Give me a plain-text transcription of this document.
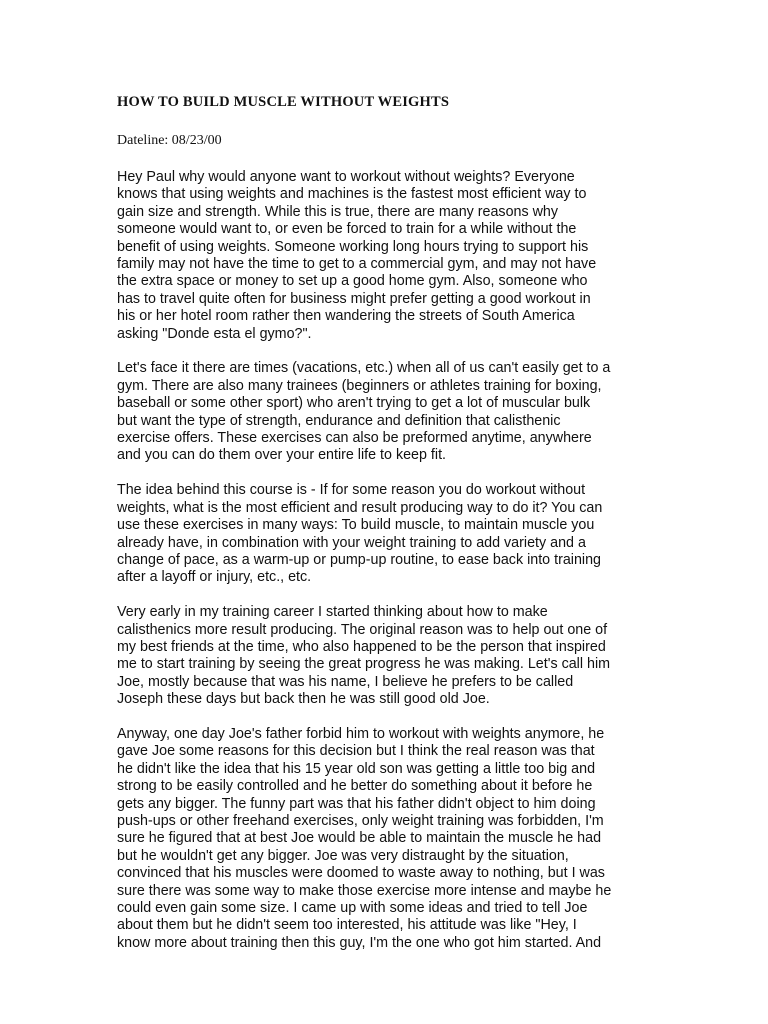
HOW TO BUILD MUSCLE WITHOUT WEIGHTS
Dateline: 08/23/00
Hey Paul why would anyone want to workout without weights? Everyone
knows that using weights and machines is the fastest most efficient way to
gain size and strength. While this is true, there are many reasons why
someone would want to, or even be forced to train for a while without the
benefit of using weights. Someone working long hours trying to support his
family may not have the time to get to a commercial gym, and may not have
the extra space or money to set up a good home gym. Also, someone who
has to travel quite often for business might prefer getting a good workout in
his or her hotel room rather then wandering the streets of South America
asking "Donde esta el gymo?".
Let's face it there are times (vacations, etc.) when all of us can't easily get to a
gym. There are also many trainees (beginners or athletes training for boxing,
baseball or some other sport) who aren't trying to get a lot of muscular bulk
but want the type of strength, endurance and definition that calisthenic
exercise offers. These exercises can also be preformed anytime, anywhere
and you can do them over your entire life to keep fit.
The idea behind this course is - If for some reason you do workout without
weights, what is the most efficient and result producing way to do it? You can
use these exercises in many ways: To build muscle, to maintain muscle you
already have, in combination with your weight training to add variety and a
change of pace, as a warm-up or pump-up routine, to ease back into training
after a layoff or injury, etc., etc.
Very early in my training career I started thinking about how to make
calisthenics more result producing. The original reason was to help out one of
my best friends at the time, who also happened to be the person that inspired
me to start training by seeing the great progress he was making. Let's call him
Joe, mostly because that was his name, I believe he prefers to be called
Joseph these days but back then he was still good old Joe.
Anyway, one day Joe's father forbid him to workout with weights anymore, he
gave Joe some reasons for this decision but I think the real reason was that
he didn't like the idea that his 15 year old son was getting a little too big and
strong to be easily controlled and he better do something about it before he
gets any bigger. The funny part was that his father didn't object to him doing
push-ups or other freehand exercises, only weight training was forbidden, I'm
sure he figured that at best Joe would be able to maintain the muscle he had
but he wouldn't get any bigger. Joe was very distraught by the situation,
convinced that his muscles were doomed to waste away to nothing, but I was
sure there was some way to make those exercise more intense and maybe he
could even gain some size. I came up with some ideas and tried to tell Joe
about them but he didn't seem too interested, his attitude was like "Hey, I
know more about training then this guy, I'm the one who got him started. And
